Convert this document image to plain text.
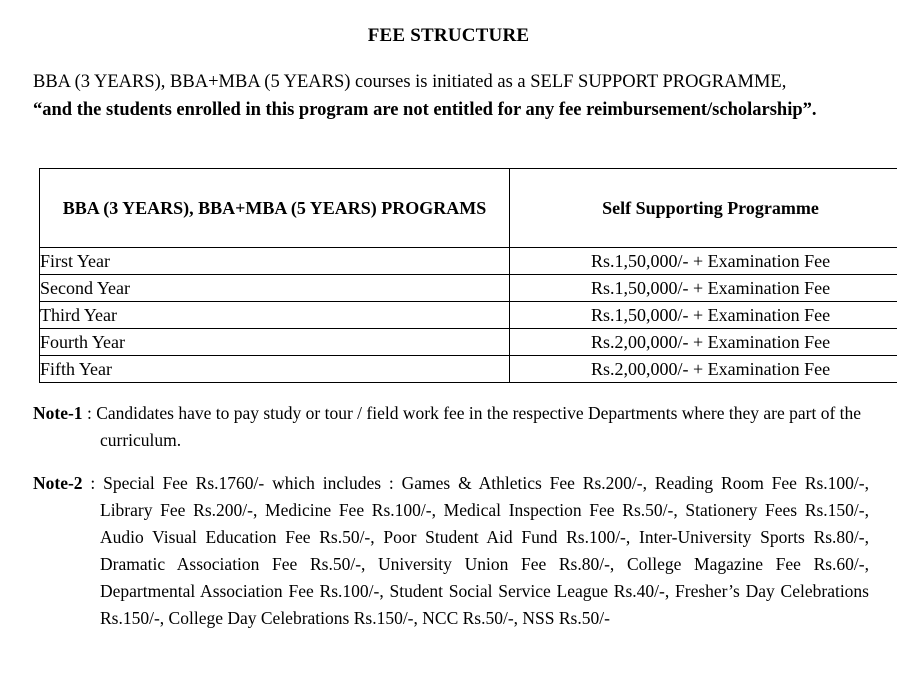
FEE STRUCTURE
BBA (3 YEARS), BBA+MBA (5 YEARS) courses is initiated as a SELF SUPPORT PROGRAMME,
“and the students enrolled in this program are not entitled for any fee reimbursement/scholarship”.
BBA (3 YEARS), BBA+MBA (5 YEARS) PROGRAMS	Self Supporting Programme
First Year	Rs.1,50,000/- + Examination Fee
Second Year	Rs.1,50,000/- + Examination Fee
Third Year	Rs.1,50,000/- + Examination Fee
Fourth Year	Rs.2,00,000/- + Examination Fee
Fifth Year	Rs.2,00,000/- + Examination Fee
Note-1 : Candidates have to pay study or tour / field work fee in the respective Departments where they are part of the curriculum.
Note-2 : Special Fee Rs.1760/- which includes : Games & Athletics Fee Rs.200/-, Reading Room Fee Rs.100/-, Library Fee Rs.200/-, Medicine Fee Rs.100/-, Medical Inspection Fee Rs.50/-, Stationery Fees Rs.150/-, Audio Visual Education Fee Rs.50/-, Poor Student Aid Fund Rs.100/-, Inter-University Sports Rs.80/-, Dramatic Association Fee Rs.50/-, University Union Fee Rs.80/-, College Magazine Fee Rs.60/-, Departmental Association Fee Rs.100/-, Student Social Service League Rs.40/-, Fresher’s Day Celebrations Rs.150/-, College Day Celebrations Rs.150/-, NCC Rs.50/-, NSS Rs.50/-
